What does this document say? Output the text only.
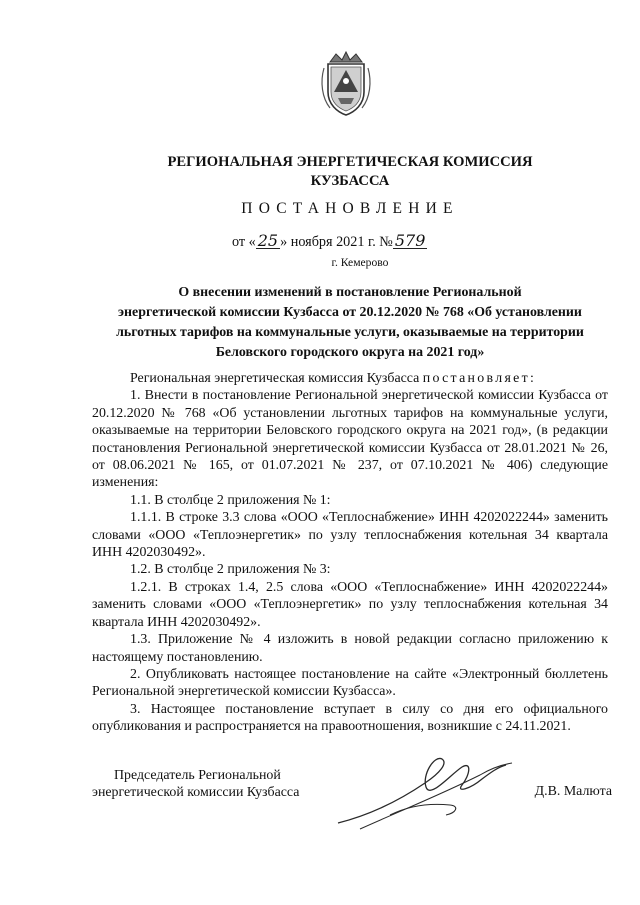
РЕГИОНАЛЬНАЯ ЭНЕРГЕТИЧЕСКАЯ КОМИССИЯ
КУЗБАССА
ПОСТАНОВЛЕНИЕ
от « 25 » ноября 2021 г. № 579
г. Кемерово
О внесении изменений в постановление Региональной
энергетической комиссии Кузбасса от 20.12.2020 № 768 «Об установлении
льготных тарифов на коммунальные услуги, оказываемые на территории
Беловского городского округа на 2021 год»

Региональная энергетическая комиссия Кузбасса постановляет:

1. Внести в постановление Региональной энергетической комиссии Кузбасса от 20.12.2020 № 768 «Об установлении льготных тарифов на коммунальные услуги, оказываемые на территории Беловского городского округа на 2021 год», (в редакции постановления Региональной энергетической комиссии Кузбасса от 28.01.2021 № 26, от 08.06.2021 № 165, от 01.07.2021 № 237, от 07.10.2021 № 406) следующие изменения:

1.1. В столбце 2 приложения № 1:

1.1.1. В строке 3.3 слова «ООО «Теплоснабжение» ИНН 4202022244» заменить словами «ООО «Теплоэнергетик» по узлу теплоснабжения котельная 34 квартала ИНН 4202030492».

1.2. В столбце 2 приложения № 3:

1.2.1. В строках 1.4, 2.5 слова «ООО «Теплоснабжение» ИНН 4202022244» заменить словами «ООО «Теплоэнергетик» по узлу теплоснабжения котельная 34 квартала ИНН 4202030492».

1.3. Приложение № 4 изложить в новой редакции согласно приложению к настоящему постановлению.

2. Опубликовать настоящее постановление на сайте «Электронный бюллетень Региональной энергетической комиссии Кузбасса».

3. Настоящее постановление вступает в силу со дня его официального опубликования и распространяется на правоотношения, возникшие с 24.11.2021.

Председатель Региональной
энергетической комиссии Кузбасса	Д.В. Малюта
